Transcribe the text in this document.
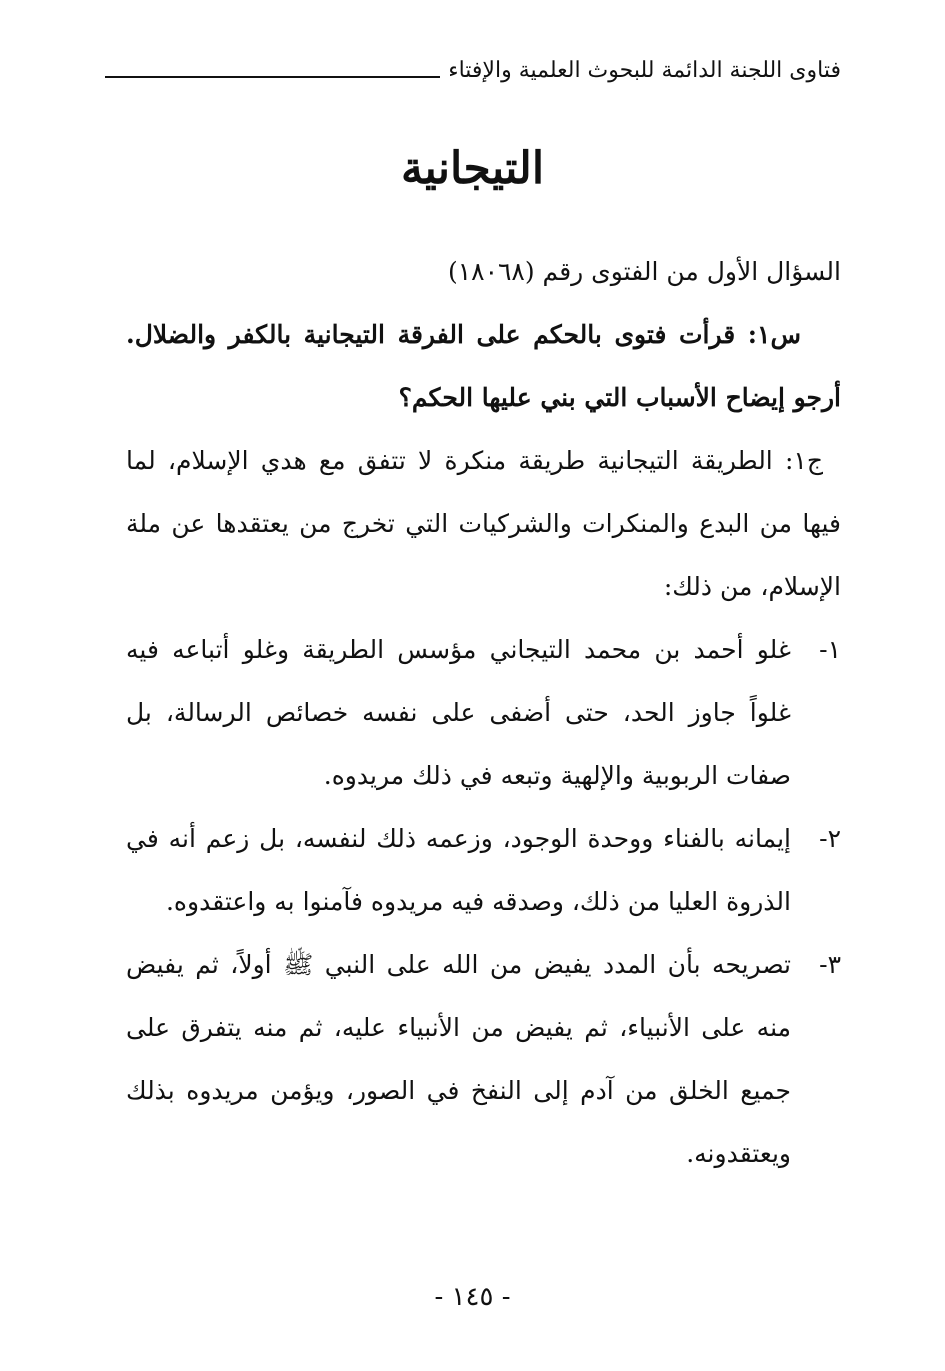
فتاوى اللجنة الدائمة للبحوث العلمية والإفتاء
التيجانية

السؤال الأول من الفتوى رقم (١٨٠٦٨)

س١: قرأت فتوى بالحكم على الفرقة التيجانية بالكفر والضلال. أرجو إيضاح الأسباب التي بني عليها الحكم؟

ج١: الطريقة التيجانية طريقة منكرة لا تتفق مع هدي الإسلام، لما فيها من البدع والمنكرات والشركيات التي تخرج من يعتقدها عن ملة الإسلام، من ذلك:

١-
غلو أحمد بن محمد التيجاني مؤسس الطريقة وغلو أتباعه فيه غلواً جاوز الحد، حتى أضفى على نفسه خصائص الرسالة، بل صفات الربوبية والإلهية وتبعه في ذلك مريدوه.
٢-
إيمانه بالفناء ووحدة الوجود، وزعمه ذلك لنفسه، بل زعم أنه في الذروة العليا من ذلك، وصدقه فيه مريدوه فآمنوا به واعتقدوه.
٣-
تصريحه بأن المدد يفيض من الله على النبي ﷺ أولاً، ثم يفيض منه على الأنبياء، ثم يفيض من الأنبياء عليه، ثم منه يتفرق على جميع الخلق من آدم إلى النفخ في الصور، ويؤمن مريدوه بذلك ويعتقدونه.
- ١٤٥ -
